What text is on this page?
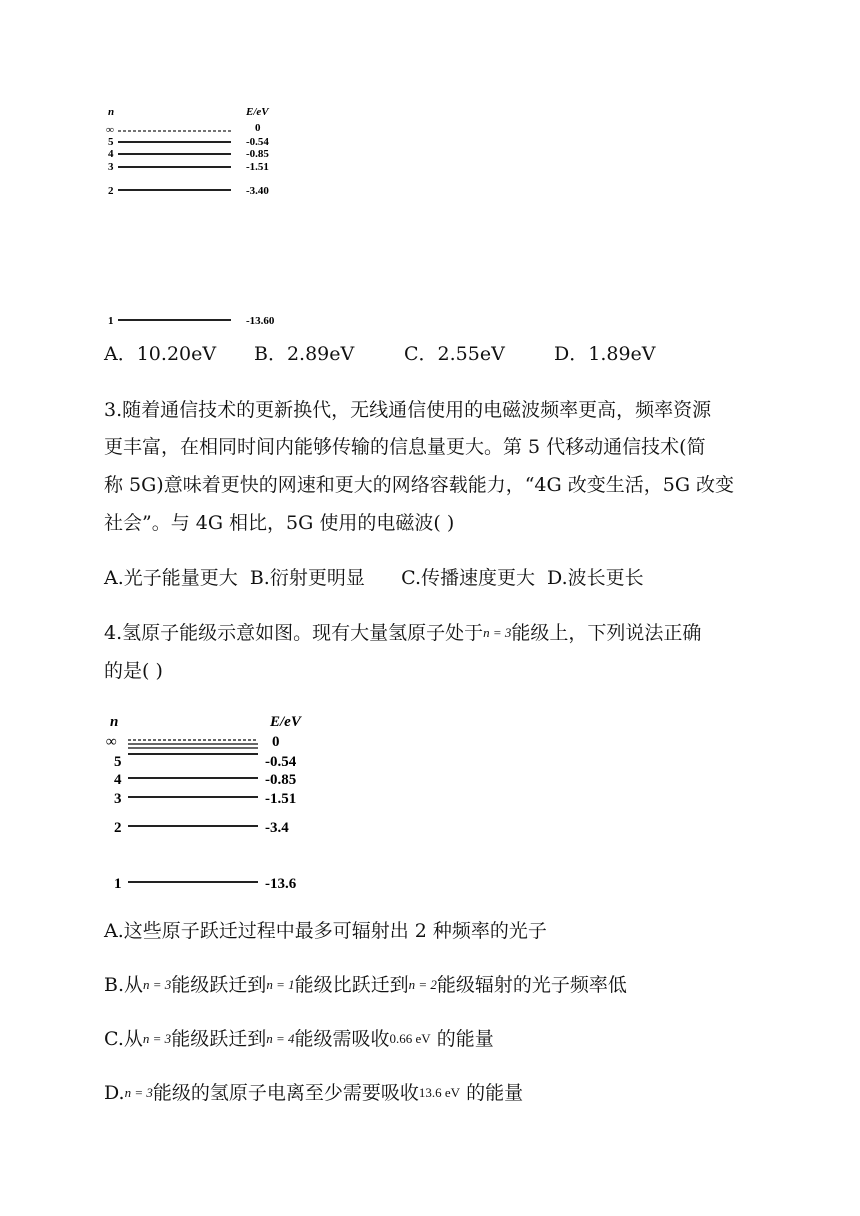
n	E/eV
∞	0
5	-0.54
4	-0.85
3	-1.51
2	-3.40
1	-13.60
A．10.20eV B．2.89eV	C．2.55eV	D．1.89eV
3.随着通信技术的更新换代，无线通信使用的电磁波频率更高，频率资源
更丰富，在相同时间内能够传输的信息量更大。第 5 代移动通信技术(简
称 5G)意味着更快的网速和更大的网络容载能力，“4G 改变生活，5G 改变
社会”。与 4G 相比，5G 使用的电磁波( )
A.光子能量更大  B.衍射更明显      C.传播速度更大  D.波长更长
4.氢原子能级示意如图。现有大量氢原子处于n = 3能级上，下列说法正确
的是( )
n	E/eV
∞	0
5	-0.54
4	-0.85
3	-1.51
2	-3.4
1	-13.6
A.这些原子跃迁过程中最多可辐射出 2 种频率的光子
B.从n = 3能级跃迁到n = 1能级比跃迁到n = 2能级辐射的光子频率低
C.从n = 3能级跃迁到n = 4能级需吸收0.66 eV 的能量
D.n = 3能级的氢原子电离至少需要吸收13.6 eV 的能量
